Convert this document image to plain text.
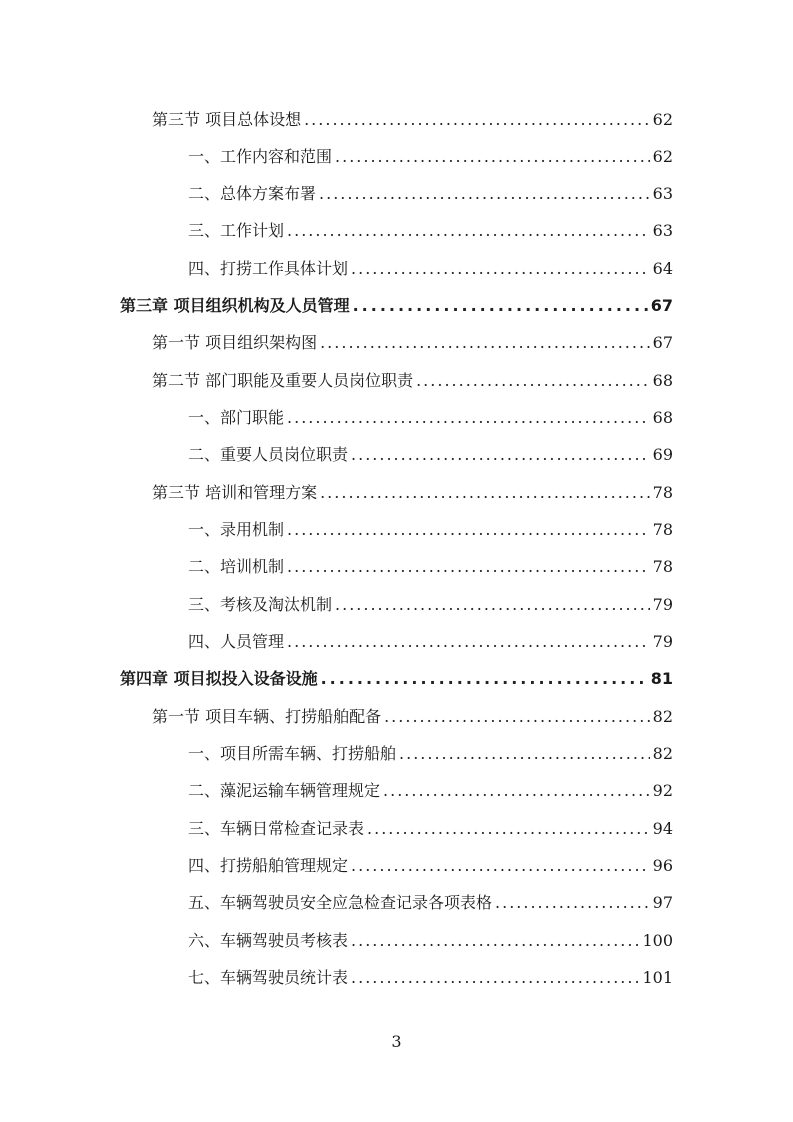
第三节 项目总体设想 .....	62
一、工作内容和范围 .....	62
二、总体方案布署 .....	63
三、工作计划 .....	63
四、打捞工作具体计划 .....	64
第三章 项目组织机构及人员管理 .....	67
第一节 项目组织架构图 .....	67
第二节 部门职能及重要人员岗位职责 .....	68
一、部门职能 .....	68
二、重要人员岗位职责 .....	69
第三节 培训和管理方案 .....	78
一、录用机制 .....	78
二、培训机制 .....	78
三、考核及淘汰机制 .....	79
四、人员管理 .....	79
第四章 项目拟投入设备设施 .....	81
第一节 项目车辆、打捞船舶配备 .....	82
一、项目所需车辆、打捞船舶 .....	82
二、藻泥运输车辆管理规定 .....	92
三、车辆日常检查记录表 .....	94
四、打捞船舶管理规定 .....	96
五、车辆驾驶员安全应急检查记录各项表格 .....	97
六、车辆驾驶员考核表 .....	100
七、车辆驾驶员统计表 .....	101
3
